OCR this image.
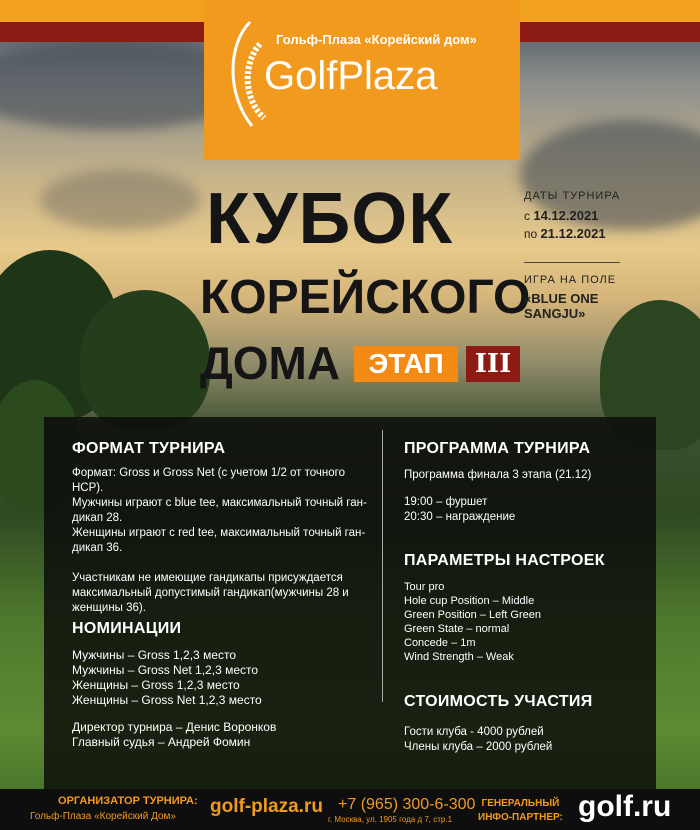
Гольф-Плаза «Корейский дом»
GolfPlaza
КУБОК
КОРЕЙСКОГО
ДОМА	ЭТАП	III
ДАТЫ ТУРНИРА
с 14.12.2021
по 21.12.2021
ИГРА НА ПОЛЕ
«BLUE ONE
SANGJU»
ФОРМАТ ТУРНИРА

Формат: Gross и Gross Net (с учетом 1/2 от точного HCP).

Мужчины играют с blue tee, максимальный точный ган-

дикап 28.

Женщины играют с red tee, максимальный точный ган-

дикап 36.

Участникам не имеющие гандикапы присуждается

максимальный допустимый гандикап(мужчины 28 и

женщины 36).

НОМИНАЦИИ

Мужчины – Gross 1,2,3 место

Мужчины – Gross Net 1,2,3 место

Женщины – Gross 1,2,3 место

Женщины – Gross Net 1,2,3 место

Директор турнира – Денис Воронков

Главный судья – Андрей Фомин

ПРОГРАММА ТУРНИРА

Программа финала 3 этапа (21.12)

19:00 – фуршет

20:30 – награждение

ПАРАМЕТРЫ НАСТРОЕК

Tour pro

Hole cup Position – Middle

Green Position – Left Green

Green State – normal

Concede – 1m

Wind Strength – Weak

СТОИМОСТЬ УЧАСТИЯ

Гости клуба - 4000 рублей

Члены клуба – 2000 рублей

ОРГАНИЗАТОР ТУРНИРА:
Гольф-Плаза «Корейский Дом» golf-plaza.ru +7 (965) 300-6-300
г. Москва, ул. 1905 года д 7, стр.1
ГЕНЕРАЛЬНЫЙ
ИНФО-ПАРТНЕР: golf.ru
